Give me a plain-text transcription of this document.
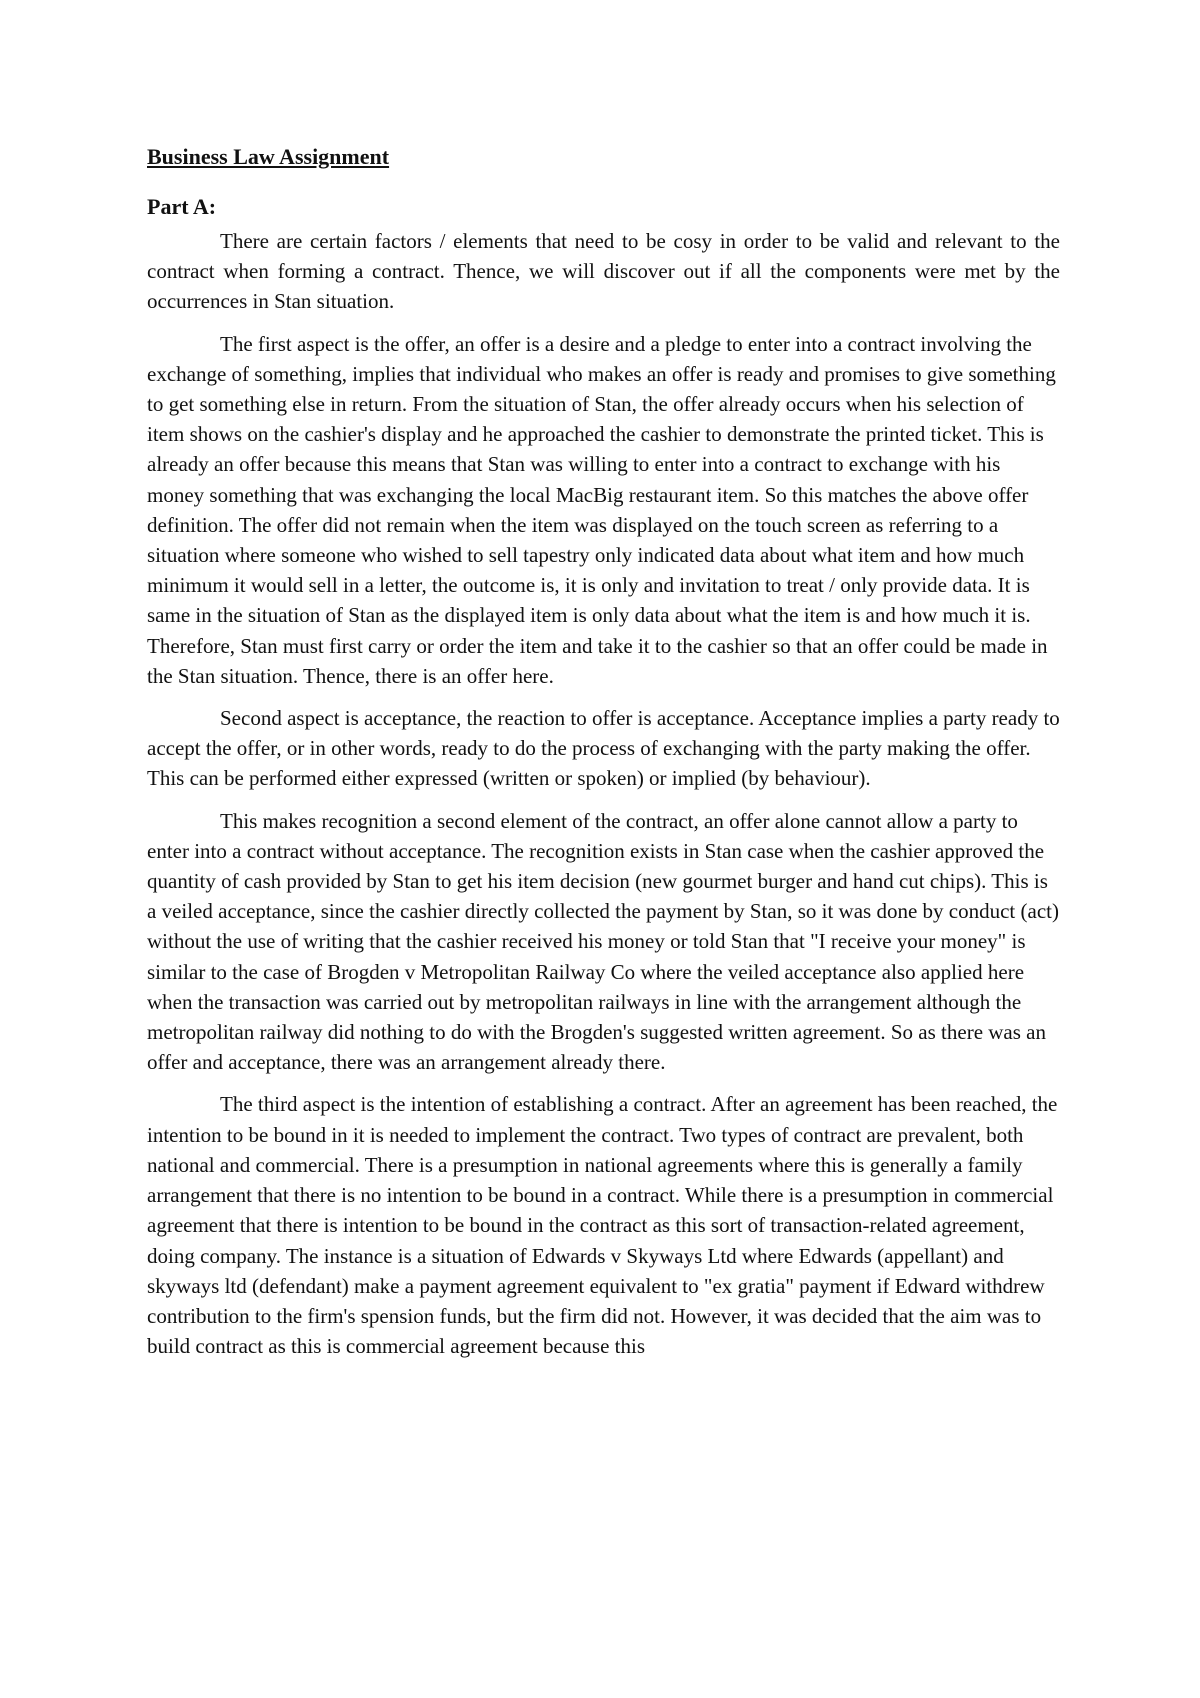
Business Law Assignment
Part A:

There are certain factors / elements that need to be cosy in order to be valid and relevant to the contract when forming a contract. Thence, we will discover out if all the components were met by the occurrences in Stan situation.

The first aspect is the offer, an offer is a desire and a pledge to enter into a contract involving the exchange of something, implies that individual who makes an offer is ready and promises to give something to get something else in return. From the situation of Stan, the offer already occurs when his selection of item shows on the cashier's display and he approached the cashier to demonstrate the printed ticket. This is already an offer because this means that Stan was willing to enter into a contract to exchange with his money something that was exchanging the local MacBig restaurant item. So this matches the above offer definition. The offer did not remain when the item was displayed on the touch screen as referring to a situation where someone who wished to sell tapestry only indicated data about what item and how much minimum it would sell in a letter, the outcome is, it is only and invitation to treat / only provide data. It is same in the situation of Stan as the displayed item is only data about what the item is and how much it is. Therefore, Stan must first carry or order the item and take it to the cashier so that an offer could be made in the Stan situation. Thence, there is an offer here.

Second aspect is acceptance, the reaction to offer is acceptance. Acceptance implies a party ready to accept the offer, or in other words, ready to do the process of exchanging with the party making the offer. This can be performed either expressed (written or spoken) or implied (by behaviour).

This makes recognition a second element of the contract, an offer alone cannot allow a party to enter into a contract without acceptance. The recognition exists in Stan case when the cashier approved the quantity of cash provided by Stan to get his item decision (new gourmet burger and hand cut chips). This is a veiled acceptance, since the cashier directly collected the payment by Stan, so it was done by conduct (act) without the use of writing that the cashier received his money or told Stan that "I receive your money" is similar to the case of Brogden v Metropolitan Railway Co where the veiled acceptance also applied here when the transaction was carried out by metropolitan railways in line with the arrangement although the metropolitan railway did nothing to do with the Brogden's suggested written agreement. So as there was an offer and acceptance, there was an arrangement already there.

The third aspect is the intention of establishing a contract. After an agreement has been reached, the intention to be bound in it is needed to implement the contract. Two types of contract are prevalent, both national and commercial. There is a presumption in national agreements where this is generally a family arrangement that there is no intention to be bound in a contract. While there is a presumption in commercial agreement that there is intention to be bound in the contract as this sort of transaction-related agreement, doing company. The instance is a situation of Edwards v Skyways Ltd where Edwards (appellant) and skyways ltd (defendant) make a payment agreement equivalent to "ex gratia" payment if Edward withdrew contribution to the firm's spension funds, but the firm did not. However, it was decided that the aim was to build contract as this is commercial agreement because this
